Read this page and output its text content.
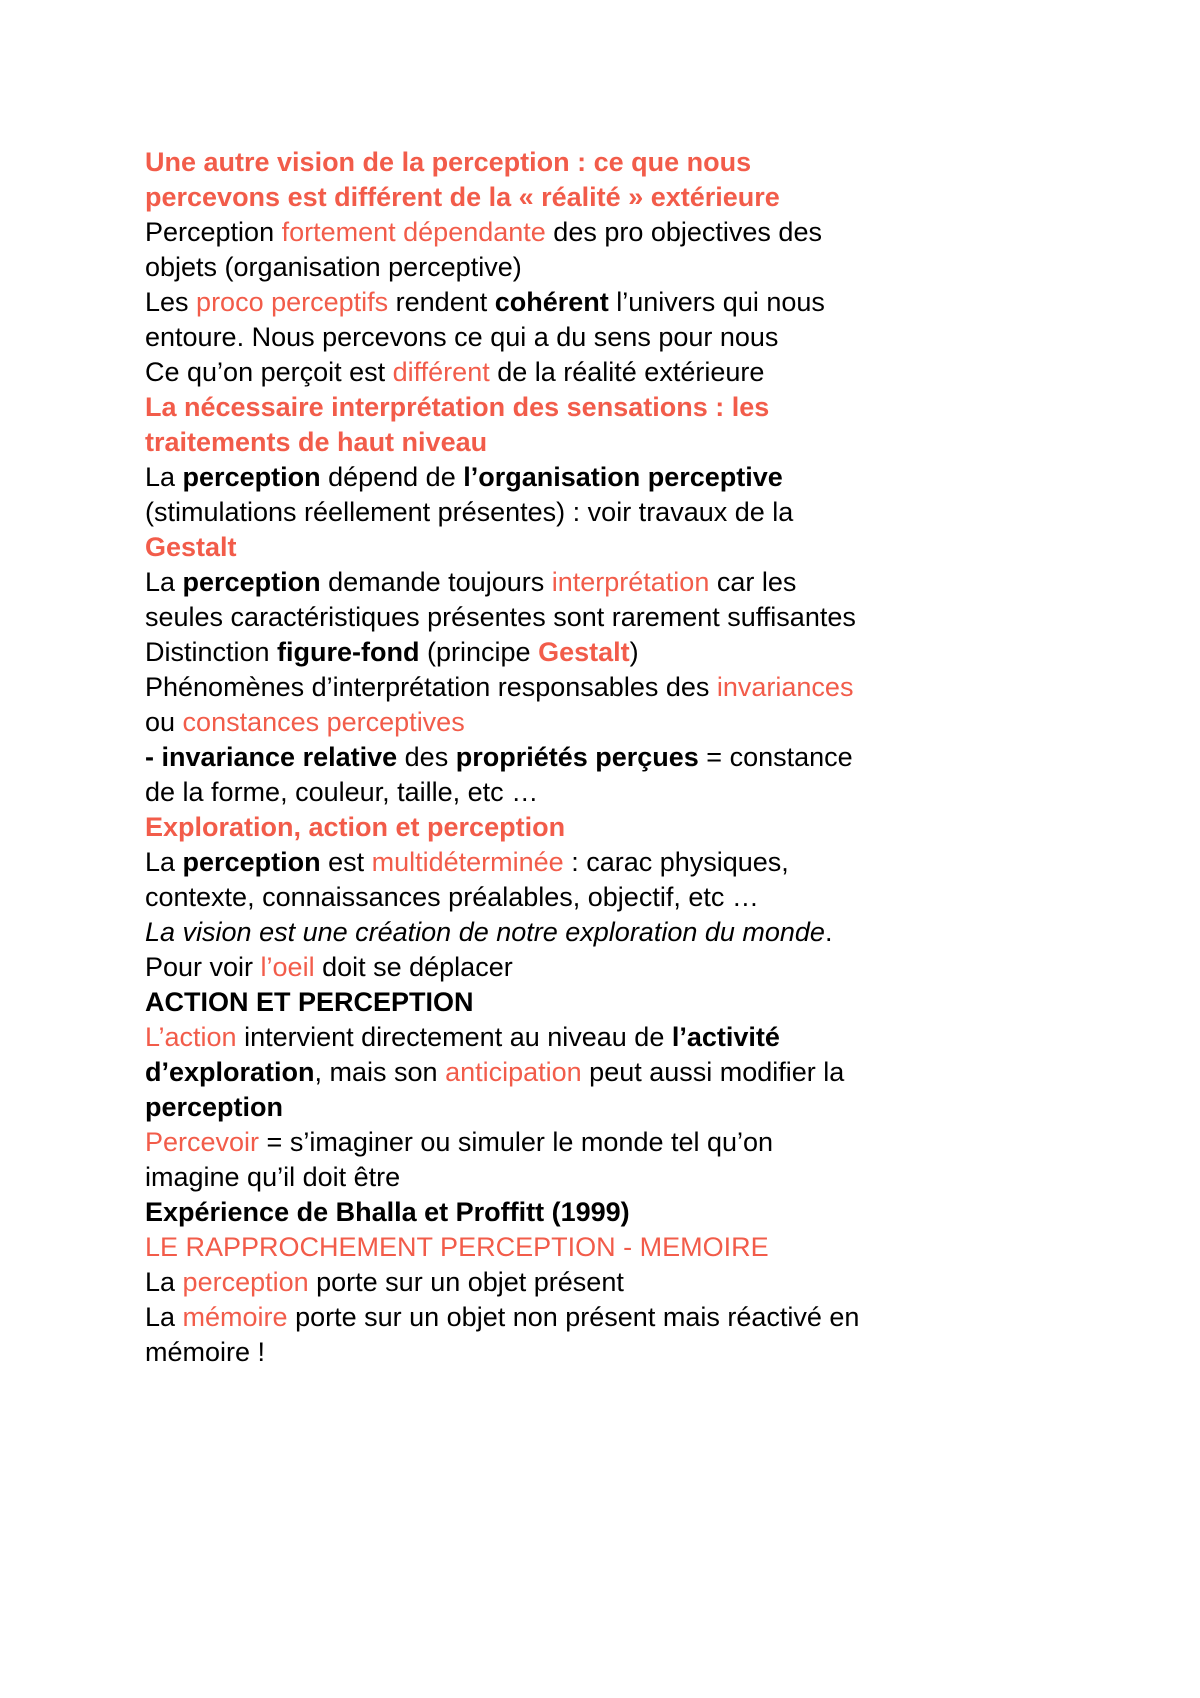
Une autre vision de la perception : ce que nous

percevons est différent de la « réalité » extérieure

Perception fortement dépendante des pro objectives des

objets (organisation perceptive)

Les proco perceptifs rendent cohérent l’univers qui nous

entoure. Nous percevons ce qui a du sens pour nous

Ce qu’on perçoit est différent de la réalité extérieure

La nécessaire interprétation des sensations : les

traitements de haut niveau

La perception dépend de l’organisation perceptive

(stimulations réellement présentes) : voir travaux de la

Gestalt

La perception demande toujours interprétation car les

seules caractéristiques présentes sont rarement suffisantes

Distinction figure-fond (principe Gestalt)

Phénomènes d’interprétation responsables des invariances

ou constances perceptives

- invariance relative des propriétés perçues = constance

de la forme, couleur, taille, etc …

Exploration, action et perception

La perception est multidéterminée : carac physiques,

contexte, connaissances préalables, objectif, etc …

La vision est une création de notre exploration du monde.

Pour voir l’oeil doit se déplacer

ACTION ET PERCEPTION

L’action intervient directement au niveau de l’activité

d’exploration, mais son anticipation peut aussi modifier la

perception

Percevoir = s’imaginer ou simuler le monde tel qu’on

imagine qu’il doit être

Expérience de Bhalla et Proffitt (1999)

LE RAPPROCHEMENT PERCEPTION - MEMOIRE

La perception porte sur un objet présent

La mémoire porte sur un objet non présent mais réactivé en

mémoire !
